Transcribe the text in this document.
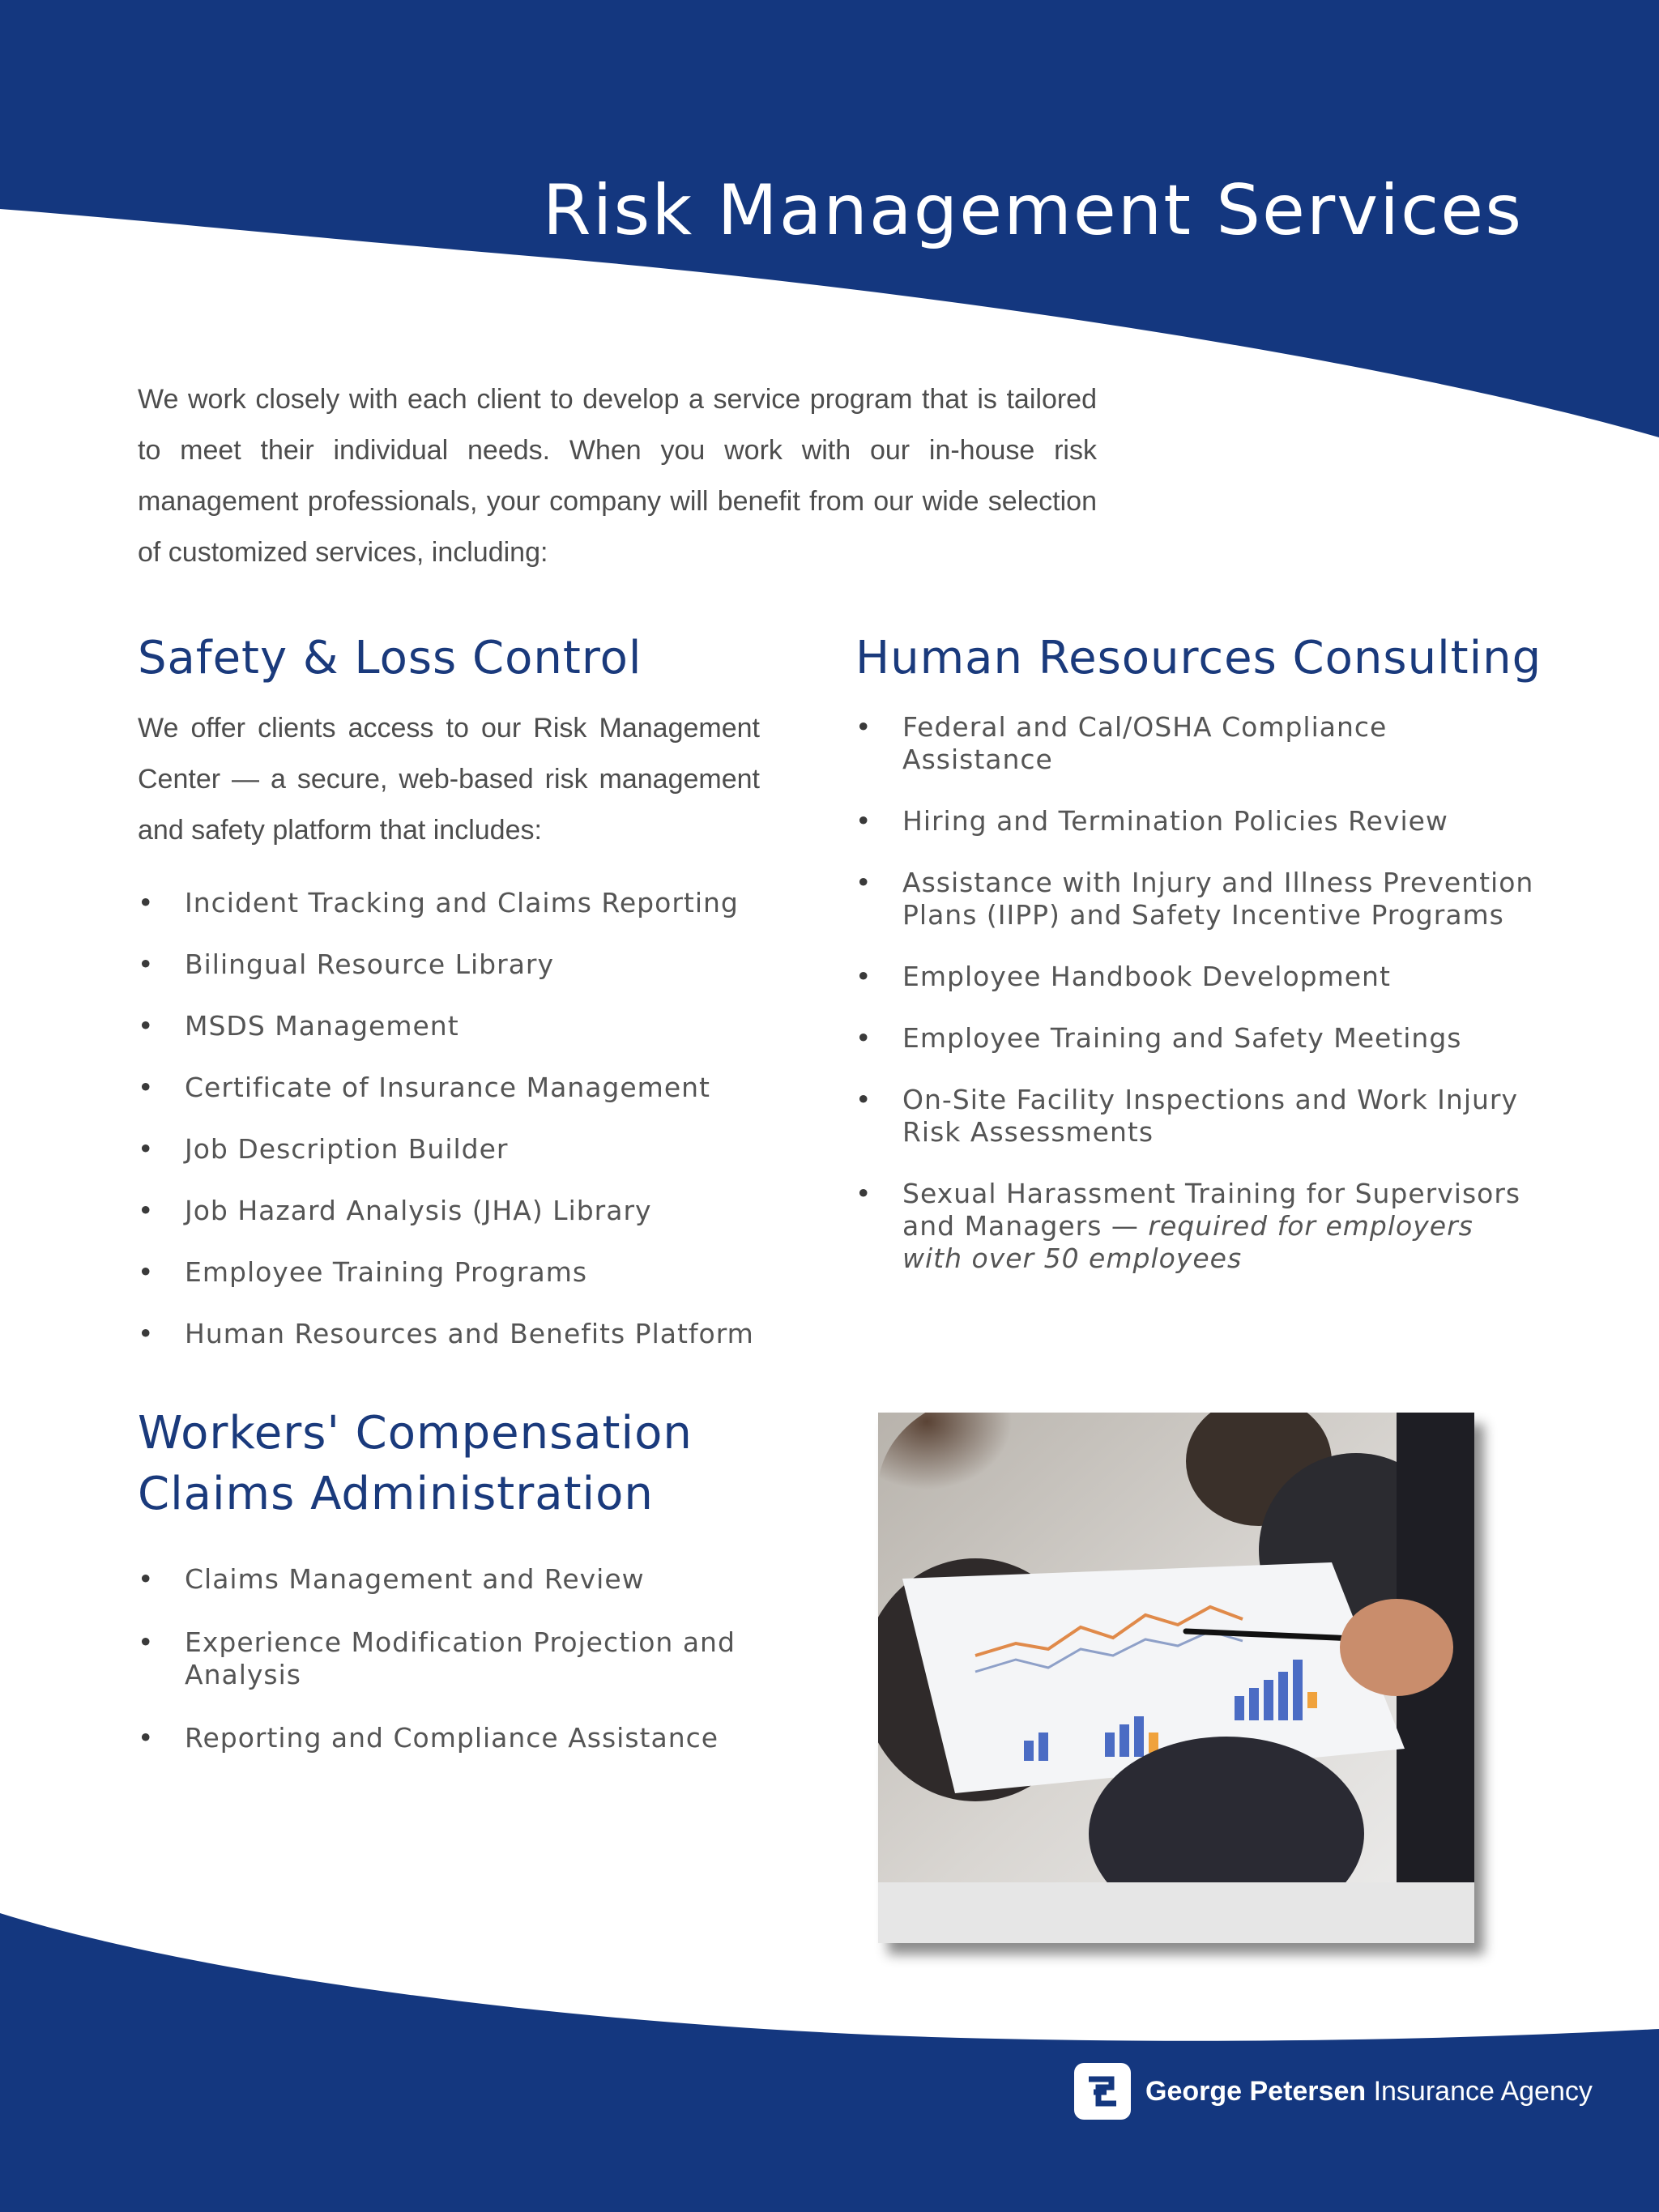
Risk Management Services

We work closely with each client to develop a service program that is tailored to meet their individual needs. When you work with our in-house risk management professionals, your company will benefit from our wide selection of customized services, including:

Safety & Loss Control

We offer clients access to our Risk Management Center — a secure, web-based risk management and safety platform that includes:

• Incident Tracking and Claims Reporting
• Bilingual Resource Library
• MSDS Management
• Certificate of Insurance Management
• Job Description Builder
• Job Hazard Analysis (JHA) Library
• Employee Training Programs
• Human Resources and Benefits Platform
Human Resources Consulting
• Federal and Cal/OSHA Compliance Assistance
• Hiring and Termination Policies Review
• Assistance with Injury and Illness Prevention Plans (IIPP) and Safety Incentive Programs
• Employee Handbook Development
• Employee Training and Safety Meetings
• On-Site Facility Inspections and Work Injury Risk Assessments
• Sexual Harassment Training for Supervisors and Managers — required for employers with over 50 employees
Workers' Compensation
Claims Administration
• Claims Management and Review
• Experience Modification Projection and Analysis
• Reporting and Compliance Assistance
George Petersen Insurance Agency
